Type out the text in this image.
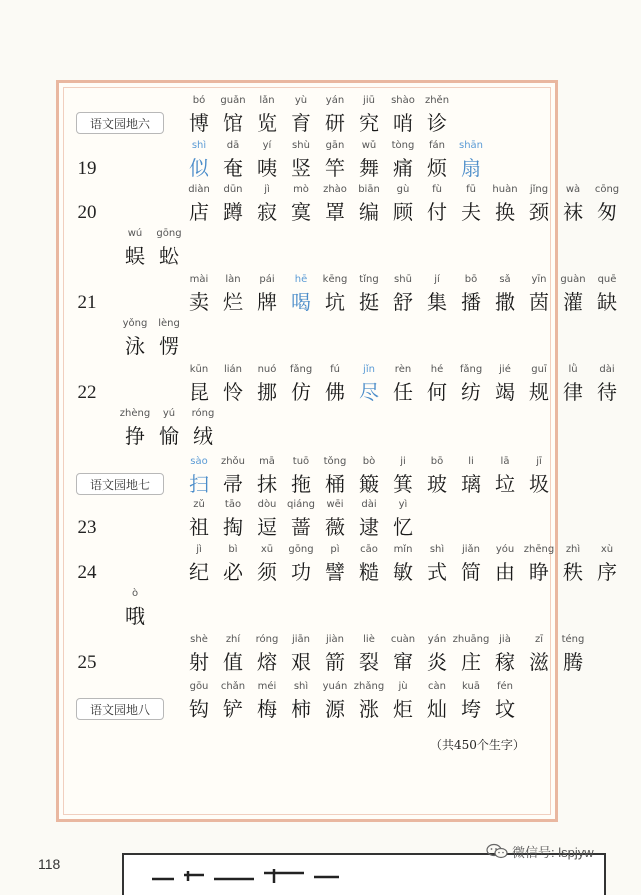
语文园地六
bó
博
guǎn
馆
lǎn
览
yù
育
yán
研
jiū
究
shào
哨
zhěn
诊
19
shì
似
dā
奄
yí
咦
shù
竖
gān
竿
wǔ
舞
tòng
痛
fán
烦
shān
扇
20
diàn
店
dūn
蹲
jì
寂
mò
寞
zhào
罩
biān
编
gù
顾
fù
付
fū
夫
huàn
换
jǐng
颈
wà
袜
cōng
匆
wú
蜈
gōng
蚣
21
mài
卖
làn
烂
pái
牌
hē
喝
kēng
坑
tǐng
挺
shū
舒
jí
集
bō
播
sǎ
撒
yīn
茵
guàn
灌
quē
缺
yǒng
泳
lèng
愣
22
kūn
昆
lián
怜
nuó
挪
fǎng
仿
fú
佛
jǐn
尽
rèn
任
hé
何
fǎng
纺
jié
竭
guī
规
lǜ
律
dài
待
zhèng
挣
yú
愉
róng
绒
语文园地七
sào
扫
zhǒu
帚
mā
抹
tuō
拖
tǒng
桶
bò
簸
ji
箕
bō
玻
li
璃
lā
垃
jī
圾
23
zǔ
祖
tāo
掏
dòu
逗
qiáng
蔷
wēi
薇
dài
逮
yì
忆
24
jì
纪
bì
必
xū
须
gōng
功
pì
譬
cāo
糙
mǐn
敏
shì
式
jiǎn
简
yóu
由
zhēng
睁
zhì
秩
xù
序
ò
哦
25
shè
射
zhí
值
róng
熔
jiān
艰
jiàn
箭
liè
裂
cuàn
窜
yán
炎
zhuāng
庄
jià
稼
zī
滋
téng
腾
语文园地八
gōu
钩
chǎn
铲
méi
梅
shì
柿
yuán
源
zhǎng
涨
jù
炬
càn
灿
kuā
垮
fén
坟
（共450个生字）
118
微信号: lspjyw
